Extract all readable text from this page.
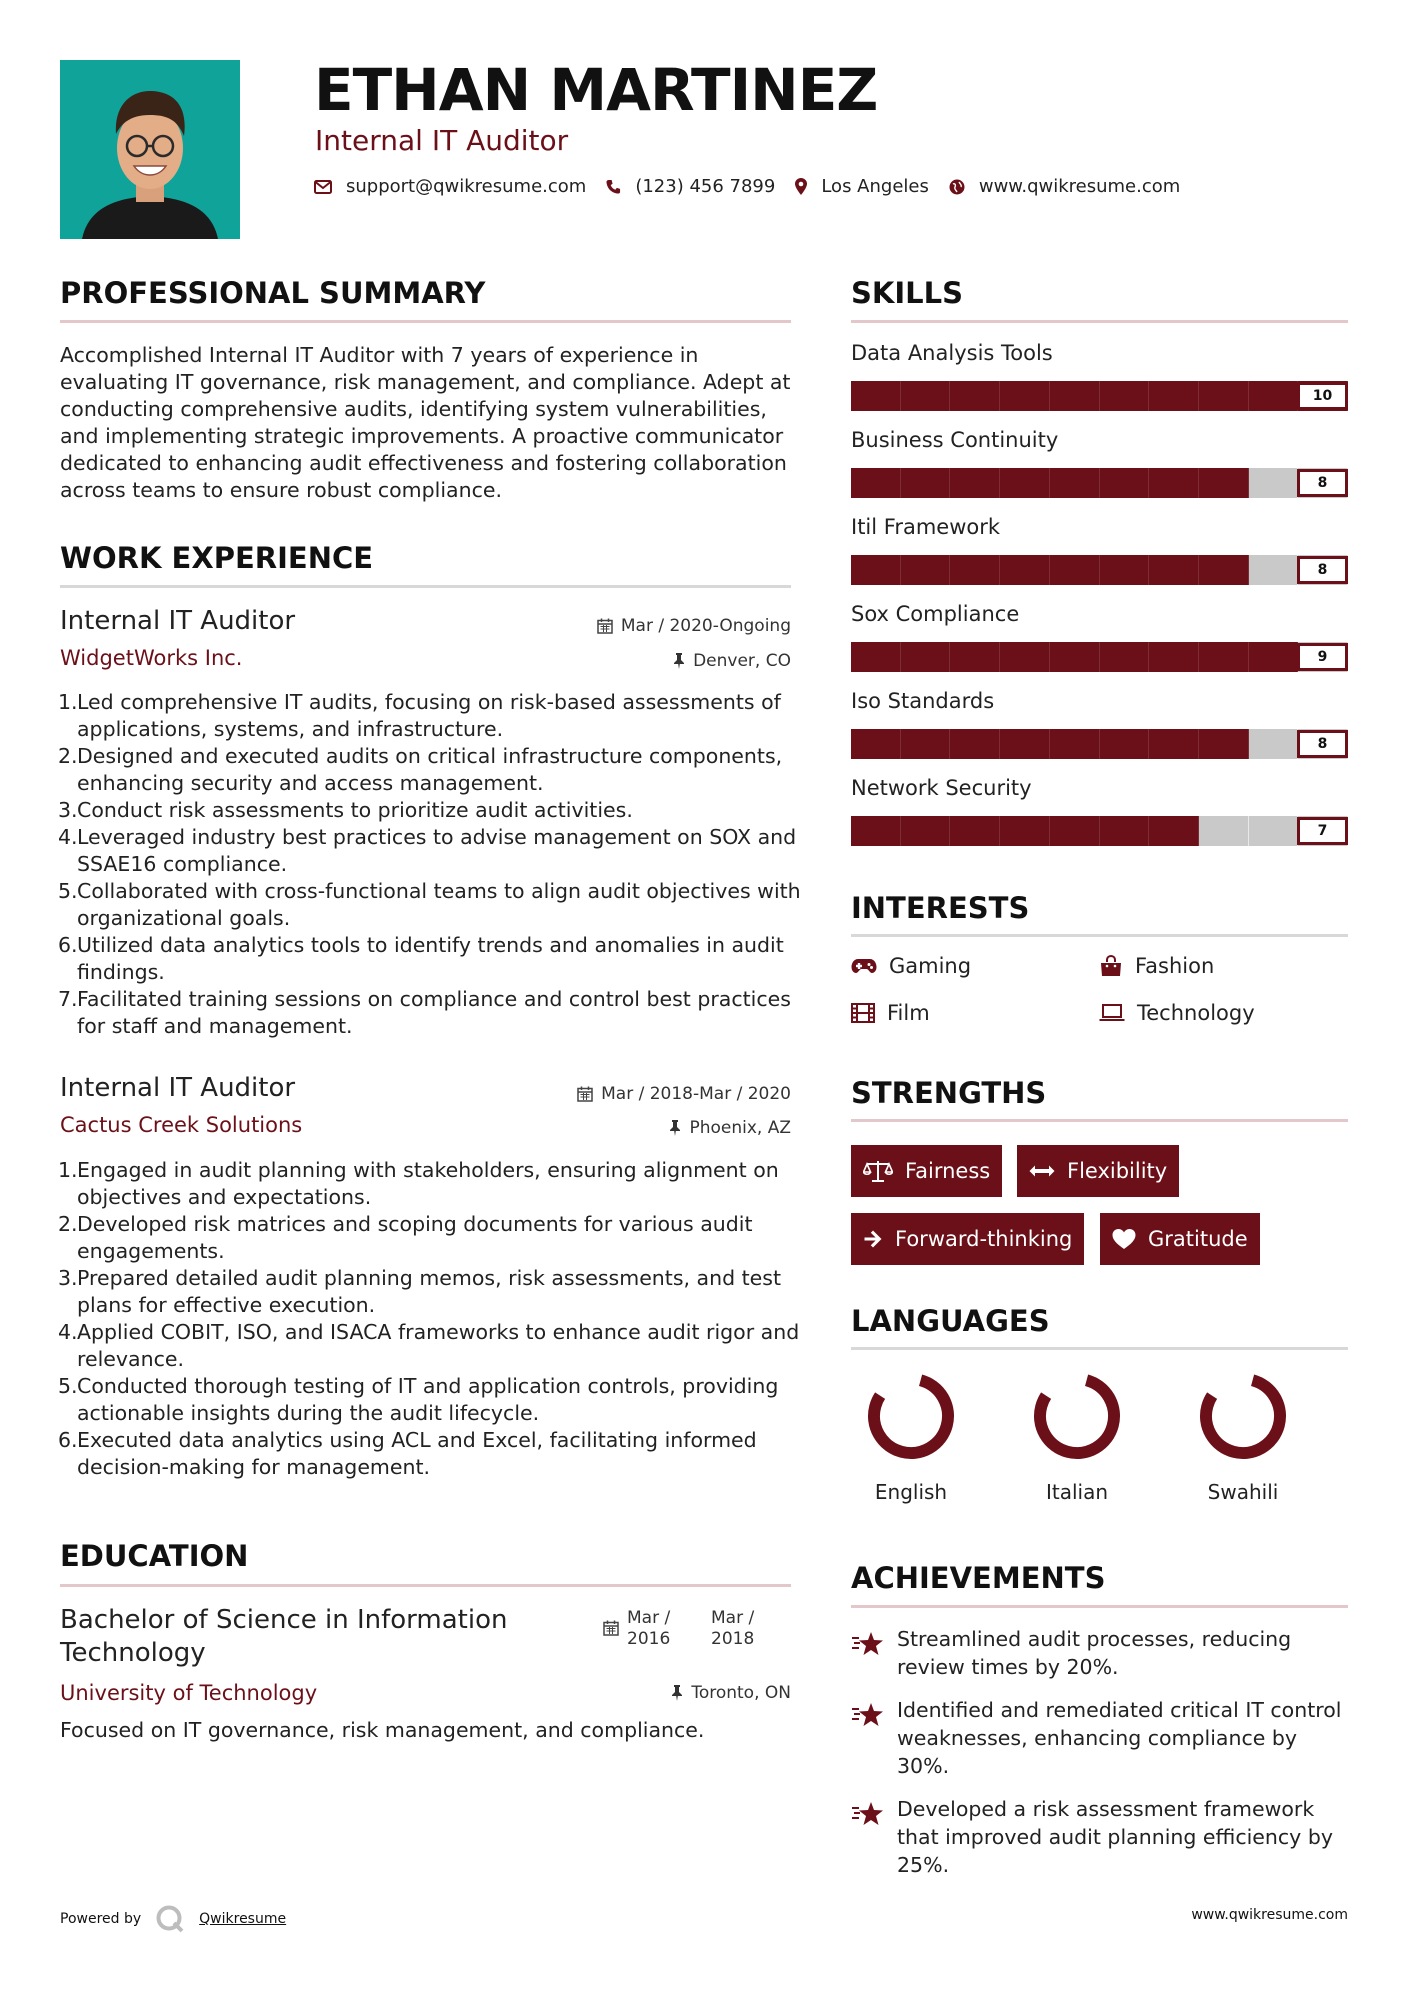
ETHAN MARTINEZ
Internal IT Auditor
support@qwikresume.com	(123) 456 7899	Los Angeles	www.qwikresume.com
PROFESSIONAL SUMMARY
Accomplished Internal IT Auditor with 7 years of experience in evaluating IT governance, risk management, and compliance. Adept at conducting comprehensive audits, identifying system vulnerabilities, and implementing strategic improvements. A proactive communicator dedicated to enhancing audit effectiveness and fostering collaboration across teams to ensure robust compliance.
WORK EXPERIENCE
Internal IT Auditor	Mar / 2020-Ongoing
WidgetWorks Inc.	Denver, CO
1. Led comprehensive IT audits, focusing on risk-based assessments of applications, systems, and infrastructure.
2. Designed and executed audits on critical infrastructure components, enhancing security and access management.
3. Conduct risk assessments to prioritize audit activities.
4. Leveraged industry best practices to advise management on SOX and SSAE16 compliance.
5. Collaborated with cross-functional teams to align audit objectives with organizational goals.
6. Utilized data analytics tools to identify trends and anomalies in audit findings.
7. Facilitated training sessions on compliance and control best practices for staff and management.
Internal IT Auditor	Mar / 2018-Mar / 2020
Cactus Creek Solutions	Phoenix, AZ
1. Engaged in audit planning with stakeholders, ensuring alignment on objectives and expectations.
2. Developed risk matrices and scoping documents for various audit engagements.
3. Prepared detailed audit planning memos, risk assessments, and test plans for effective execution.
4. Applied COBIT, ISO, and ISACA frameworks to enhance audit rigor and relevance.
5. Conducted thorough testing of IT and application controls, providing actionable insights during the audit lifecycle.
6. Executed data analytics using ACL and Excel, facilitating informed decision-making for management.
EDUCATION
Bachelor of Science in Information Technology
Mar / 2016
Mar / 2018
University of Technology	Toronto, ON
Focused on IT governance, risk management, and compliance.
SKILLS
Data Analysis Tools
10
Business Continuity
8
Itil Framework
8
Sox Compliance
9
Iso Standards
8
Network Security
7
INTERESTS
Gaming	Fashion
Film	Technology
STRENGTHS
Fairness	Flexibility
Forward-thinking	Gratitude
LANGUAGES
English	Italian	Swahili
ACHIEVEMENTS
Streamlined audit processes, reducing review times by 20%.
Identified and remediated critical IT control weaknesses, enhancing compliance by 30%.
Developed a risk assessment framework that improved audit planning efficiency by 25%.
Powered by	Qwikresume	www.qwikresume.com
